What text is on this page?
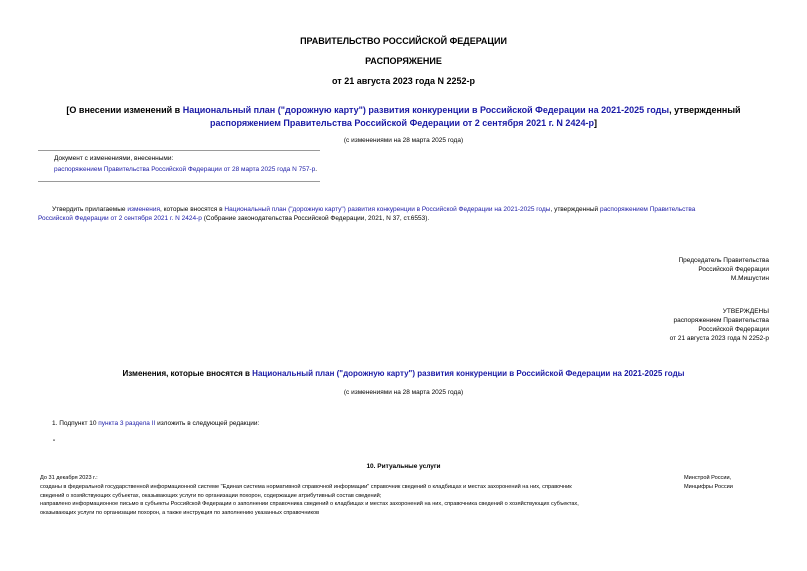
ПРАВИТЕЛЬСТВО РОССИЙСКОЙ ФЕДЕРАЦИИ
РАСПОРЯЖЕНИЕ
от 21 августа 2023 года N 2252-р
[О внесении изменений в Национальный план ("дорожную карту") развития конкуренции в Российской Федерации на 2021-2025 годы, утвержденный
распоряжением Правительства Российской Федерации от 2 сентября 2021 г. N 2424-р]
(с изменениями на 28 марта 2025 года)
Документ с изменениями, внесенными:
распоряжением Правительства Российской Федерации от 28 марта 2025 года N 757-р.
Утвердить прилагаемые изменения, которые вносятся в Национальный план ("дорожную карту") развития конкуренции в Российской Федерации на 2021-2025 годы, утвержденный распоряжением Правительства
Российской Федерации от 2 сентября 2021 г. N 2424-р (Собрание законодательства Российской Федерации, 2021, N 37, ст.6553).
Председатель Правительства
Российской Федерации
М.Мишустин
УТВЕРЖДЕНЫ
распоряжением Правительства
Российской Федерации
от 21 августа 2023 года N 2252-р
Изменения, которые вносятся в Национальный план ("дорожную карту") развития конкуренции в Российской Федерации на 2021-2025 годы
(с изменениями на 28 марта 2025 года)
1. Подпункт 10 пункта 3 раздела II изложить в следующей редакции:
"
10. Ритуальные услуги
До 31 декабря 2023 г.:
созданы в федеральной государственной информационной системе "Единая система нормативной справочной информации" справочник сведений о кладбищах и местах захоронений на них, справочник
сведений о хозяйствующих субъектах, оказывающих услуги по организации похорон, содержащие атрибутивный состав сведений;
направлено информационное письмо в субъекты Российской Федерации о заполнении справочника сведений о кладбищах и местах захоронений на них, справочника сведений о хозяйствующих субъектах,
оказывающих услуги по организации похорон, а также инструкция по заполнению указанных справочников
Минстрой России,
Минцифры России
